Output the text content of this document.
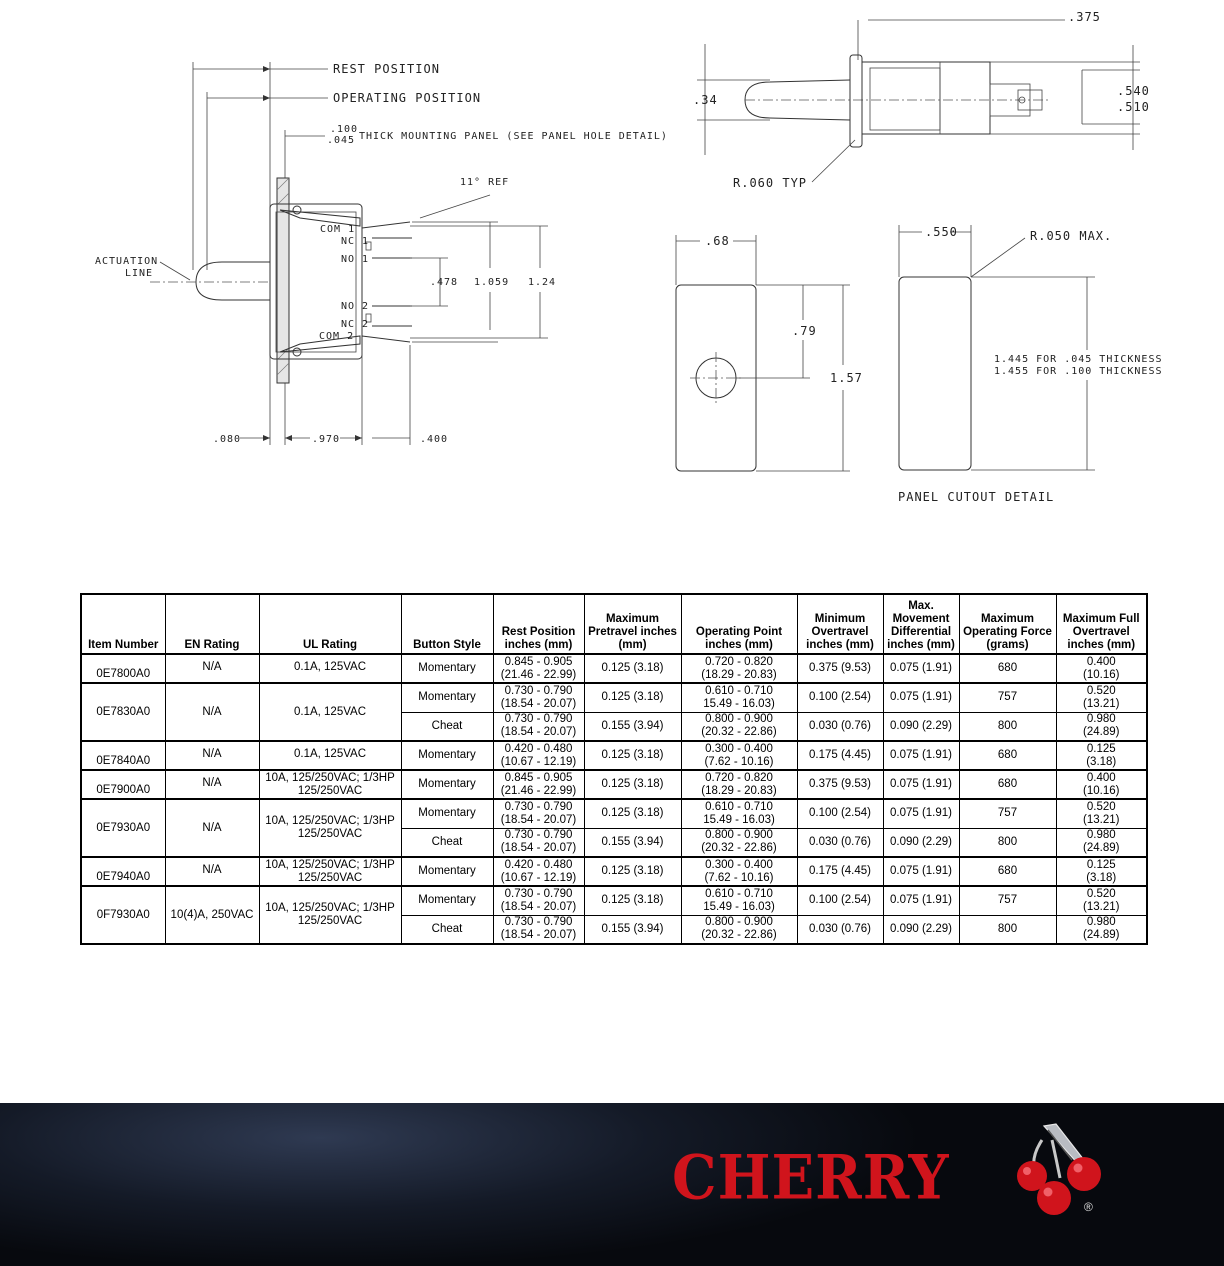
REST POSITION
OPERATING POSITION
.100
.045 THICK MOUNTING PANEL (SEE PANEL HOLE DETAIL)
ACTUATION
LINE
COM 1
NC 1
NO 1
NO 2
NC 2
COM 2
11° REF
.478 1.059 1.24
.080	.970	.400
.375
.34
.540
.510
R.060 TYP
.68
.79
1.57
.550	R.050 MAX.
1.445 FOR .045 THICKNESS
1.455 FOR .100 THICKNESS
PANEL CUTOUT DETAIL
Item Number	EN Rating	UL Rating	Button Style	Rest Position inches (mm)	Maximum Pretravel inches (mm)	Operating Point inches (mm)	Minimum Overtravel inches (mm)	Max. Movement Differential inches (mm)	Maximum Operating Force (grams)	Maximum Full Overtravel inches (mm)
0E7800A0	N/A	0.1A, 125VAC	Momentary	0.845 - 0.905
(21.46 - 22.99)	0.125 (3.18)	0.720 - 0.820
(18.29 - 20.83)	0.375 (9.53)	0.075 (1.91)	680	0.400
(10.16)

0E7830A0	N/A	0.1A, 125VAC	Momentary	0.730 - 0.790
(18.54 - 20.07)	0.125 (3.18)	0.610 - 0.710
15.49 - 16.03)	0.100 (2.54)	0.075 (1.91)	757	0.520
(13.21)

			Cheat	0.730 - 0.790
(18.54 - 20.07)	0.155 (3.94)	0.800 - 0.900
(20.32 - 22.86)	0.030 (0.76)	0.090 (2.29)	800	0.980
(24.89)

0E7840A0	N/A	0.1A, 125VAC	Momentary	0.420 - 0.480
(10.67 - 12.19)	0.125 (3.18)	0.300 - 0.400
(7.62 - 10.16)	0.175 (4.45)	0.075 (1.91)	680	0.125
(3.18)

0E7900A0	N/A	10A, 125/250VAC; 1/3HP
125/250VAC	Momentary	0.845 - 0.905
(21.46 - 22.99)	0.125 (3.18)	0.720 - 0.820
(18.29 - 20.83)	0.375 (9.53)	0.075 (1.91)	680	0.400
(10.16)

0E7930A0	N/A	10A, 125/250VAC; 1/3HP
125/250VAC	Momentary	0.730 - 0.790
(18.54 - 20.07)	0.125 (3.18)	0.610 - 0.710
15.49 - 16.03)	0.100 (2.54)	0.075 (1.91)	757	0.520
(13.21)

			Cheat	0.730 - 0.790
(18.54 - 20.07)	0.155 (3.94)	0.800 - 0.900
(20.32 - 22.86)	0.030 (0.76)	0.090 (2.29)	800	0.980
(24.89)

0E7940A0	N/A	10A, 125/250VAC; 1/3HP
125/250VAC	Momentary	0.420 - 0.480
(10.67 - 12.19)	0.125 (3.18)	0.300 - 0.400
(7.62 - 10.16)	0.175 (4.45)	0.075 (1.91)	680	0.125
(3.18)

0F7930A0	10(4)A, 250VAC	10A, 125/250VAC; 1/3HP
125/250VAC	Momentary	0.730 - 0.790
(18.54 - 20.07)	0.125 (3.18)	0.610 - 0.710
15.49 - 16.03)	0.100 (2.54)	0.075 (1.91)	757	0.520
(13.21)

			Cheat	0.730 - 0.790
(18.54 - 20.07)	0.155 (3.94)	0.800 - 0.900
(20.32 - 22.86)	0.030 (0.76)	0.090 (2.29)	800	0.980
(24.89)
CHERRY	®
